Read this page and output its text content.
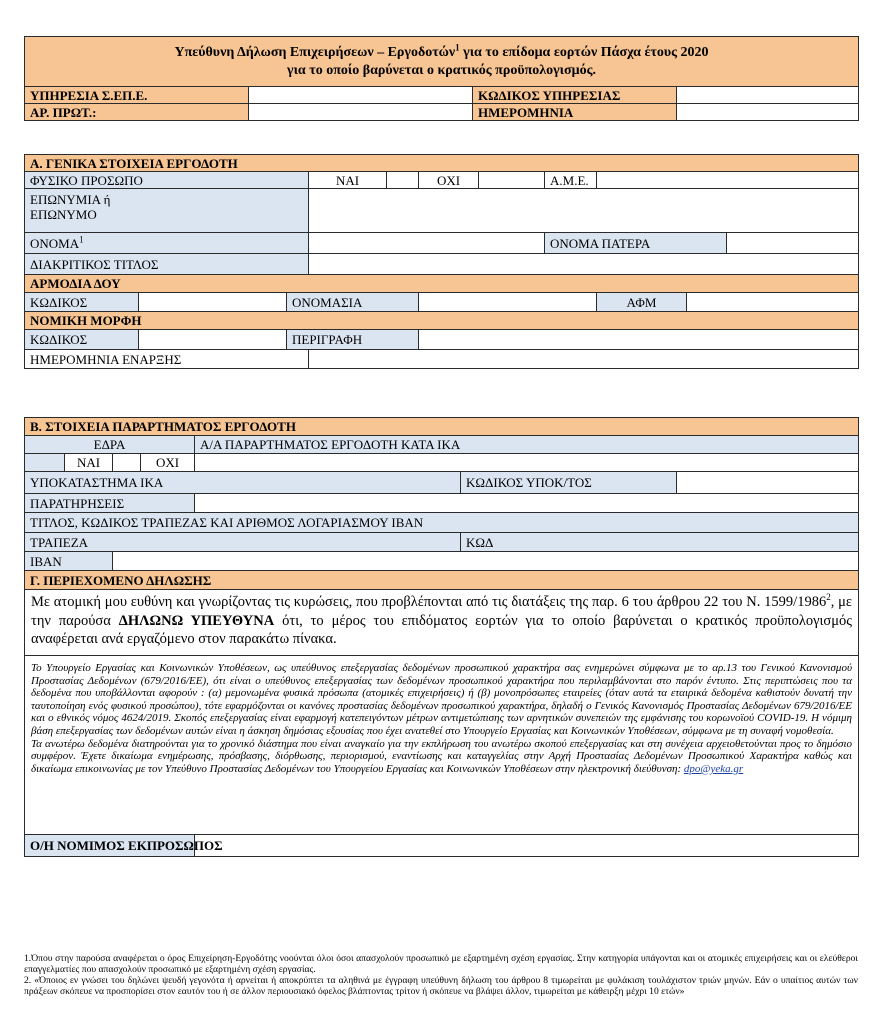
Υπεύθυνη Δήλωση Επιχειρήσεων – Εργοδοτών$^1$ για το επίδομα εορτών Πάσχα έτους 2020
για το οποίο βαρύνεται ο κρατικός προϋπολογισμός.			
ΥΠΗΡΕΣΙΑ Σ.ΕΠ.Ε.		ΚΩΔΙΚΟΣ ΥΠΗΡΕΣΙΑΣ	
ΑΡ. ΠΡΩΤ.:		ΗΜΕΡΟΜΗΝΙΑ	
Α. ΓΕΝΙΚΑ ΣΤΟΙΧΕΙΑ ΕΡΓΟΔΟΤΗ										
ΦΥΣΙΚΟ ΠΡΟΣΩΠΟ			ΝΑΙ		ΟΧΙ		Α.Μ.Ε.			
ΕΠΩΝΥΜΙΑ ή
ΕΠΩΝΥΜΟ										
ΟΝΟΜΑ$^1$							ΟΝΟΜΑ ΠΑΤΕΡΑ			
ΔΙΑΚΡΙΤΙΚΟΣ ΤΙΤΛΟΣ										
ΑΡΜΟΔΙΑ ΔΟΥ										
ΚΩΔΙΚΟΣ		ΟΝΟΜΑΣΙΑ						ΑΦΜ		
ΝΟΜΙΚΗ ΜΟΡΦΗ										
ΚΩΔΙΚΟΣ		ΠΕΡΙΓΡΑΦΗ								
ΗΜΕΡΟΜΗΝΙΑ ΕΝΑΡΞΗΣ										
Β. ΣΤΟΙΧΕΙΑ ΠΑΡΑΡΤΗΜΑΤΟΣ ΕΡΓΟΔΟΤΗ						
ΕΔΡΑ				Α/Α ΠΑΡΑΡΤΗΜΑΤΟΣ ΕΡΓΟΔΟΤΗ ΚΑΤΑ ΙΚΑ		
	ΝΑΙ		ΟΧΙ			
ΥΠΟΚΑΤΑΣΤΗΜΑ ΙΚΑ					ΚΩΔΙΚΟΣ ΥΠΟΚ/ΤΟΣ	
ΠΑΡΑΤΗΡΗΣΕΙΣ						
ΤΙΤΛΟΣ, ΚΩΔΙΚΟΣ ΤΡΑΠΕΖΑΣ ΚΑΙ ΑΡΙΘΜΟΣ ΛΟΓΑΡΙΑΣΜΟΥ IBAN						
ΤΡΑΠΕΖΑ					ΚΩΔ	
IBAN						
Γ. ΠΕΡΙΕΧΟΜΕΝΟ ΔΗΛΩΣΗΣ						
Με ατομική μου ευθύνη και γνωρίζοντας τις κυρώσεις, που προβλέπονται από τις διατάξεις της παρ. 6 του άρθρου 22 του Ν. 1599/1986$^2$, με την παρούσα ΔΗΛΩΝΩ ΥΠΕΥΘΥΝΑ ότι, το μέρος του επιδόματος εορτών για το οποίο βαρύνεται ο κρατικός προϋπολογισμός αναφέρεται ανά εργαζόμενο στον παρακάτω πίνακα.						

Το Υπουργείο Εργασίας και Κοινωνικών Υποθέσεων, ως υπεύθυνος επεξεργασίας δεδομένων προσωπικού χαρακτήρα σας ενημερώνει σύμφωνα με το αρ.13 του Γενικού Κανονισμού Προστασίας Δεδομένων (679/2016/ΕΕ), ότι είναι ο υπεύθυνος επεξεργασίας των δεδομένων προσωπικού χαρακτήρα που περιλαμβάνονται στο παρόν έντυπο. Στις περιπτώσεις που τα δεδομένα που υποβάλλονται αφορούν : (α) μεμονωμένα φυσικά πρόσωπα (ατομικές επιχειρήσεις) ή (β) μονοπρόσωπες εταιρείες (όταν αυτά τα εταιρικά δεδομένα καθιστούν δυνατή την ταυτοποίηση ενός φυσικού προσώπου), τότε εφαρμόζονται οι κανόνες προστασίας δεδομένων προσωπικού χαρακτήρα, δηλαδή ο Γενικός Κανονισμός Προστασίας Δεδομένων 679/2016/ΕΕ και ο εθνικός νόμος 4624/2019. Σκοπός επεξεργασίας είναι εφαρμογή κατεπειγόντων μέτρων αντιμετώπισης των αρνητικών συνεπειών της εμφάνισης του κορωνοϊού COVID-19. Η νόμιμη βάση επεξεργασίας των δεδομένων αυτών είναι η άσκηση δημόσιας εξουσίας που έχει ανατεθεί στο Υπουργείο Εργασίας και Κοινωνικών Υποθέσεων, σύμφωνα με τη συναφή νομοθεσία.

Τα ανωτέρω δεδομένα διατηρούνται για το χρονικό διάστημα που είναι αναγκαίο για την εκπλήρωση του ανωτέρω σκοπού επεξεργασίας και στη συνέχεια αρχειοθετούνται προς το δημόσιο συμφέρον. Έχετε δικαίωμα ενημέρωσης, πρόσβασης, διόρθωσης, περιορισμού, εναντίωσης και καταγγελίας στην Αρχή Προστασίας Δεδομένων Προσωπικού Χαρακτήρα καθώς και δικαίωμα επικοινωνίας με τον Υπεύθυνο Προστασίας Δεδομένων του Υπουργείου Εργασίας και Κοινωνικών Υποθέσεων στην ηλεκτρονική διεύθυνση: dpo@yeka.gr						

Ο/Η ΝΟΜΙΜΟΣ ΕΚΠΡΟΣΩΠΟΣ						

1.Όπου στην παρούσα αναφέρεται ο όρος Επιχείρηση-Εργοδότης νοούνται όλοι όσοι απασχολούν προσωπικό με εξαρτημένη σχέση εργασίας. Στην κατηγορία υπάγονται και οι ατομικές επιχειρήσεις και οι ελεύθεροι επαγγελματίες που απασχολούν προσωπικό με εξαρτημένη σχέση εργασίας.

2. «Όποιος εν γνώσει του δηλώνει ψευδή γεγονότα ή αρνείται ή αποκρύπτει τα αληθινά με έγγραφη υπεύθυνη δήλωση του άρθρου 8 τιμωρείται με φυλάκιση τουλάχιστον τριών μηνών. Εάν ο υπαίτιος αυτών των πράξεων σκόπευε να προσπορίσει στον εαυτόν του ή σε άλλον περιουσιακό όφελος βλάπτοντας τρίτον ή σκόπευε να βλάψει άλλον, τιμωρείται με κάθειρξη μέχρι 10 ετών»
